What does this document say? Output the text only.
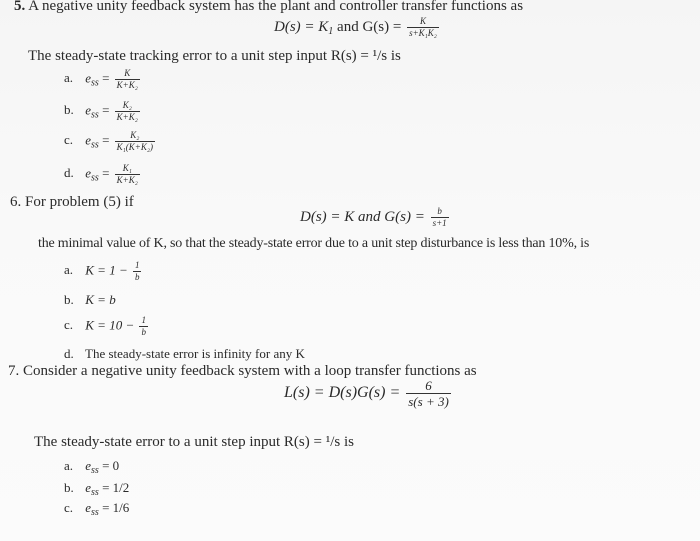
5. A negative unity feedback system has the plant and controller transfer functions as
$D(s) = K_1$ and $G(s) = \frac{K}{\text{s+K₁K₂}}$
The steady-state tracking error to a unit step input R(s) = ¹/s is
a. $e_{ss} = \frac{K}{\text{K+K₂}}$
b. $e_{ss} = \frac{\text{K₂}}{\text{K+K₂}}$
c. $e_{ss} = \frac{\text{K₂}}{\text{K₁(K+K₂)}}$
d. $e_{ss} = \frac{\text{K₁}}{\text{K+K₂}}$
6. For problem (5) if
D(s) = K and $G(s) = \frac{b}{s+1}$
the minimal value of K, so that the steady-state error due to a unit step disturbance is less than 10%, is
a. $K = 1 - \frac{1}{b}$
b. K = b
c. $K = 10 - \frac{1}{b}$
d. The steady-state error is infinity for any K
7. Consider a negative unity feedback system with a loop transfer functions as
$L(s) = D(s)G(s) = \frac{6}{s(s + 3)}$
The steady-state error to a unit step input R(s) = ¹/s is
a. $e_{ss} = 0$
b. $e_{ss} = 1/2$
c. $e_{ss} = 1/6$
